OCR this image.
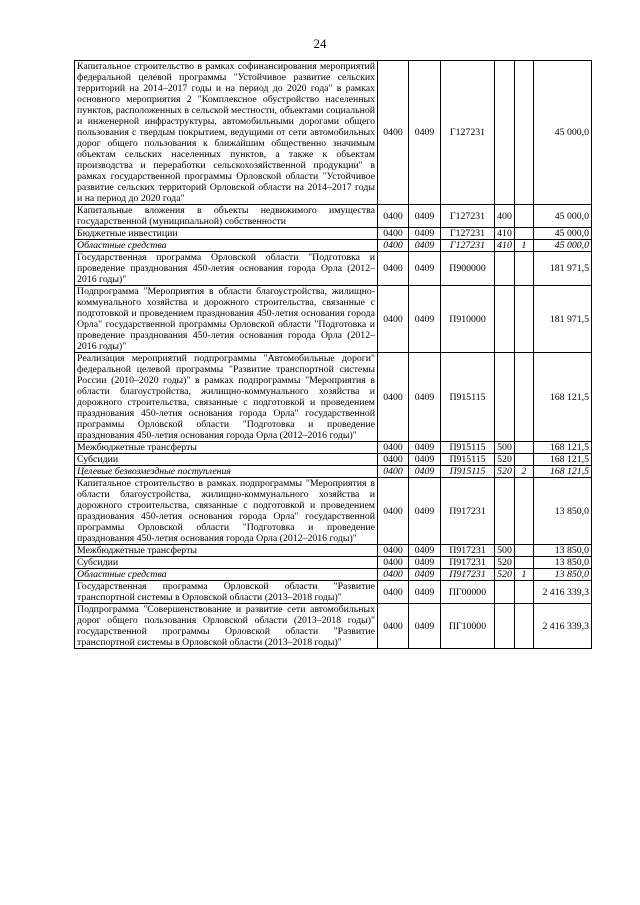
24
Капитальное строительство в рамках софинансирования мероприятий федеральной целевой программы "Устойчивое развитие сельских территорий на 2014–2017 годы и на период до 2020 года" в рамках основного мероприятия 2 "Комплексное обустройство населенных пунктов, расположенных в сельской местности, объектами социальной и инженерной инфраструктуры, автомобильными дорогами общего пользования с твердым покрытием, ведущими от сети автомобильных дорог общего пользования к ближайшим общественно значимым объектам сельских населенных пунктов, а также к объектам производства и переработки сельскохозяйственной продукции" в рамках государственной программы Орловской области "Устойчивое развитие сельских территорий Орловской области на 2014–2017 годы и на период до 2020 года"	0400	0409	Г127231			45 000,0
Капитальные вложения в объекты недвижимого имущества государственной (муниципальной) собственности	0400	0409	Г127231	400		45 000,0
Бюджетные инвестиции	0400	0409	Г127231	410		45 000,0
Областные средства	0400	0409	Г127231	410	1	45 000,0
Государственная программа Орловской области "Подготовка и проведение празднования 450-летия основания города Орла (2012–2016 годы)"	0400	0409	П900000			181 971,5
Подпрограмма "Мероприятия в области благоустройства, жилищно-коммунального хозяйства и дорожного строительства, связанные с подготовкой и проведением празднования 450-летия основания города Орла" государственной программы Орловской области "Подготовка и проведение празднования 450-летия основания города Орла (2012–2016 годы)"	0400	0409	П910000			181 971,5
Реализация мероприятий подпрограммы "Автомобильные дороги" федеральной целевой программы "Развитие транспортной системы России (2010–2020 годы)" в рамках подпрограммы "Мероприятия в области благоустройства, жилищно-коммунального хозяйства и дорожного строительства, связанные с подготовкой и проведением празднования 450-летия основания города Орла" государственной программы Орловской области "Подготовка и проведение празднования 450-летия основания города Орла (2012–2016 годы)"	0400	0409	П915115			168 121,5
Межбюджетные трансферты	0400	0409	П915115	500		168 121,5
Субсидии	0400	0409	П915115	520		168 121,5
Целевые безвозмездные поступления	0400	0409	П915115	520	2	168 121,5
Капитальное строительство в рамках подпрограммы "Мероприятия в области благоустройства, жилищно-коммунального хозяйства и дорожного строительства, связанные с подготовкой и проведением празднования 450-летия основания города Орла" государственной программы Орловской области "Подготовка и проведение празднования 450-летия основания города Орла (2012–2016 годы)"	0400	0409	П917231			13 850,0
Межбюджетные трансферты	0400	0409	П917231	500		13 850,0
Субсидии	0400	0409	П917231	520		13 850,0
Областные средства	0400	0409	П917231	520	1	13 850,0
Государственная программа Орловской области "Развитие транспортной системы в Орловской области (2013–2018 годы)"	0400	0409	ПГ00000			2 416 339,3
Подпрограмма "Совершенствование и развитие сети автомобильных дорог общего пользования Орловской области (2013–2018 годы)" государственной программы Орловской области "Развитие транспортной системы в Орловской области (2013–2018 годы)"	0400	0409	ПГ10000			2 416 339,3
